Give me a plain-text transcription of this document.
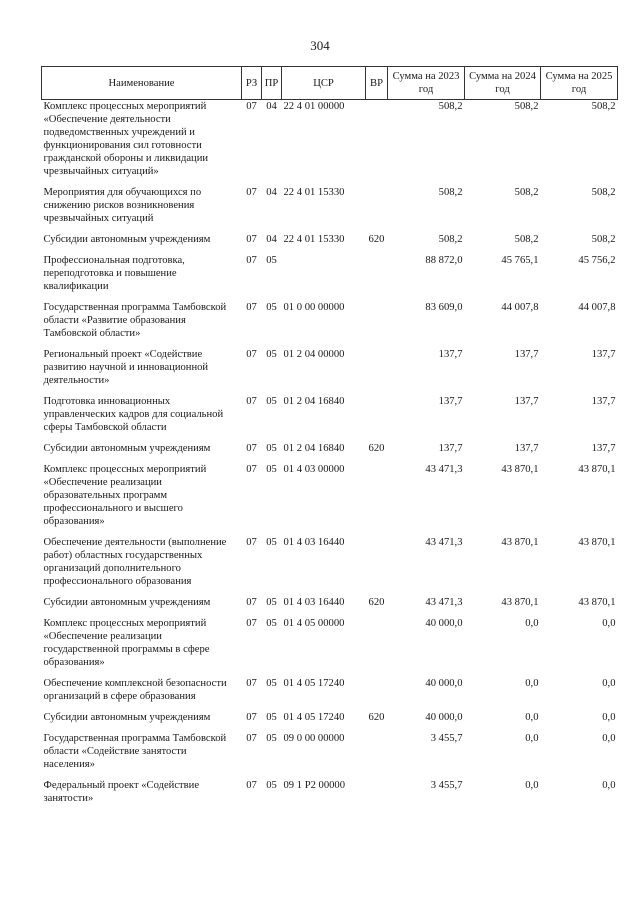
304
Наименование	РЗ	ПР	ЦСР	ВР	Сумма на 2023 год	Сумма на 2024 год	Сумма на 2025 год
Комплекс процессных мероприятий «Обеспечение деятельности подведомственных учреждений и функционирования сил готовности гражданской обороны и ликвидации чрезвычайных ситуаций»	07	04	22 4 01 00000		508,2	508,2	508,2
Мероприятия для обучающихся по снижению рисков возникновения чрезвычайных ситуаций	07	04	22 4 01 15330		508,2	508,2	508,2
Субсидии автономным учреждениям	07	04	22 4 01 15330	620	508,2	508,2	508,2
Профессиональная подготовка, переподготовка и повышение квалификации	07	05			88 872,0	45 765,1	45 756,2
Государственная программа Тамбовской области «Развитие образования Тамбовской области»	07	05	01 0 00 00000		83 609,0	44 007,8	44 007,8
Региональный проект «Содействие развитию научной и инновационной деятельности»	07	05	01 2 04 00000		137,7	137,7	137,7
Подготовка инновационных управленческих кадров для социальной сферы Тамбовской области	07	05	01 2 04 16840		137,7	137,7	137,7
Субсидии автономным учреждениям	07	05	01 2 04 16840	620	137,7	137,7	137,7
Комплекс процессных мероприятий «Обеспечение реализации образовательных программ профессионального и высшего образования»	07	05	01 4 03 00000		43 471,3	43 870,1	43 870,1
Обеспечение деятельности (выполнение работ) областных государственных организаций дополнительного профессионального образования	07	05	01 4 03 16440		43 471,3	43 870,1	43 870,1
Субсидии автономным учреждениям	07	05	01 4 03 16440	620	43 471,3	43 870,1	43 870,1
Комплекс процессных мероприятий «Обеспечение реализации государственной программы в сфере образования»	07	05	01 4 05 00000		40 000,0	0,0	0,0
Обеспечение комплексной безопасности организаций в сфере образования	07	05	01 4 05 17240		40 000,0	0,0	0,0
Субсидии автономным учреждениям	07	05	01 4 05 17240	620	40 000,0	0,0	0,0
Государственная программа Тамбовской области «Содействие занятости населения»	07	05	09 0 00 00000		3 455,7	0,0	0,0
Федеральный проект «Содействие занятости»	07	05	09 1 P2 00000		3 455,7	0,0	0,0
